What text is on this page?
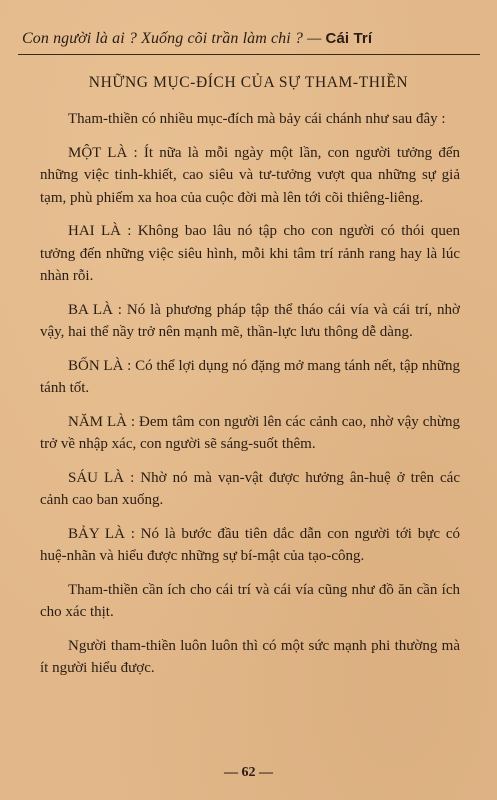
Con người là ai ? Xuống cõi trần làm chi ? — Cái Trí
NHỮNG MỤC-ĐÍCH CỦA SỰ THAM-THIỀN

Tham-thiền có nhiều mục-đích mà bảy cái chánh như sau đây :

MỘT LÀ : Ít nữa là mỗi ngày một lần, con người tưởng đến những việc tinh-khiết, cao siêu và tư-tưởng vượt qua những sự giả tạm, phù phiếm xa hoa của cuộc đời mà lên tới cõi thiêng-liêng.

HAI LÀ : Không bao lâu nó tập cho con người có thói quen tưởng đến những việc siêu hình, mỗi khi tâm trí rảnh rang hay là lúc nhàn rỗi.

BA LÀ : Nó là phương pháp tập thể tháo cái vía và cái trí, nhờ vậy, hai thể nầy trở nên mạnh mẽ, thần-lực lưu thông dễ dàng.

BỐN LÀ : Có thể lợi dụng nó đặng mở mang tánh nết, tập những tánh tốt.

NĂM LÀ : Đem tâm con người lên các cảnh cao, nhờ vậy chừng trở về nhập xác, con người sẽ sáng-suốt thêm.

SÁU LÀ : Nhờ nó mà vạn-vật được hưởng ân-huệ ở trên các cảnh cao ban xuống.

BẢY LÀ : Nó là bước đầu tiên dắc dẫn con người tới bực có huệ-nhãn và hiểu được những sự bí-mật của tạo-công.

Tham-thiền cần ích cho cái trí và cái vía cũng như đồ ăn cần ích cho xác thịt.

Người tham-thiền luôn luôn thì có một sức mạnh phi thường mà ít người hiểu được.

— 62 —
